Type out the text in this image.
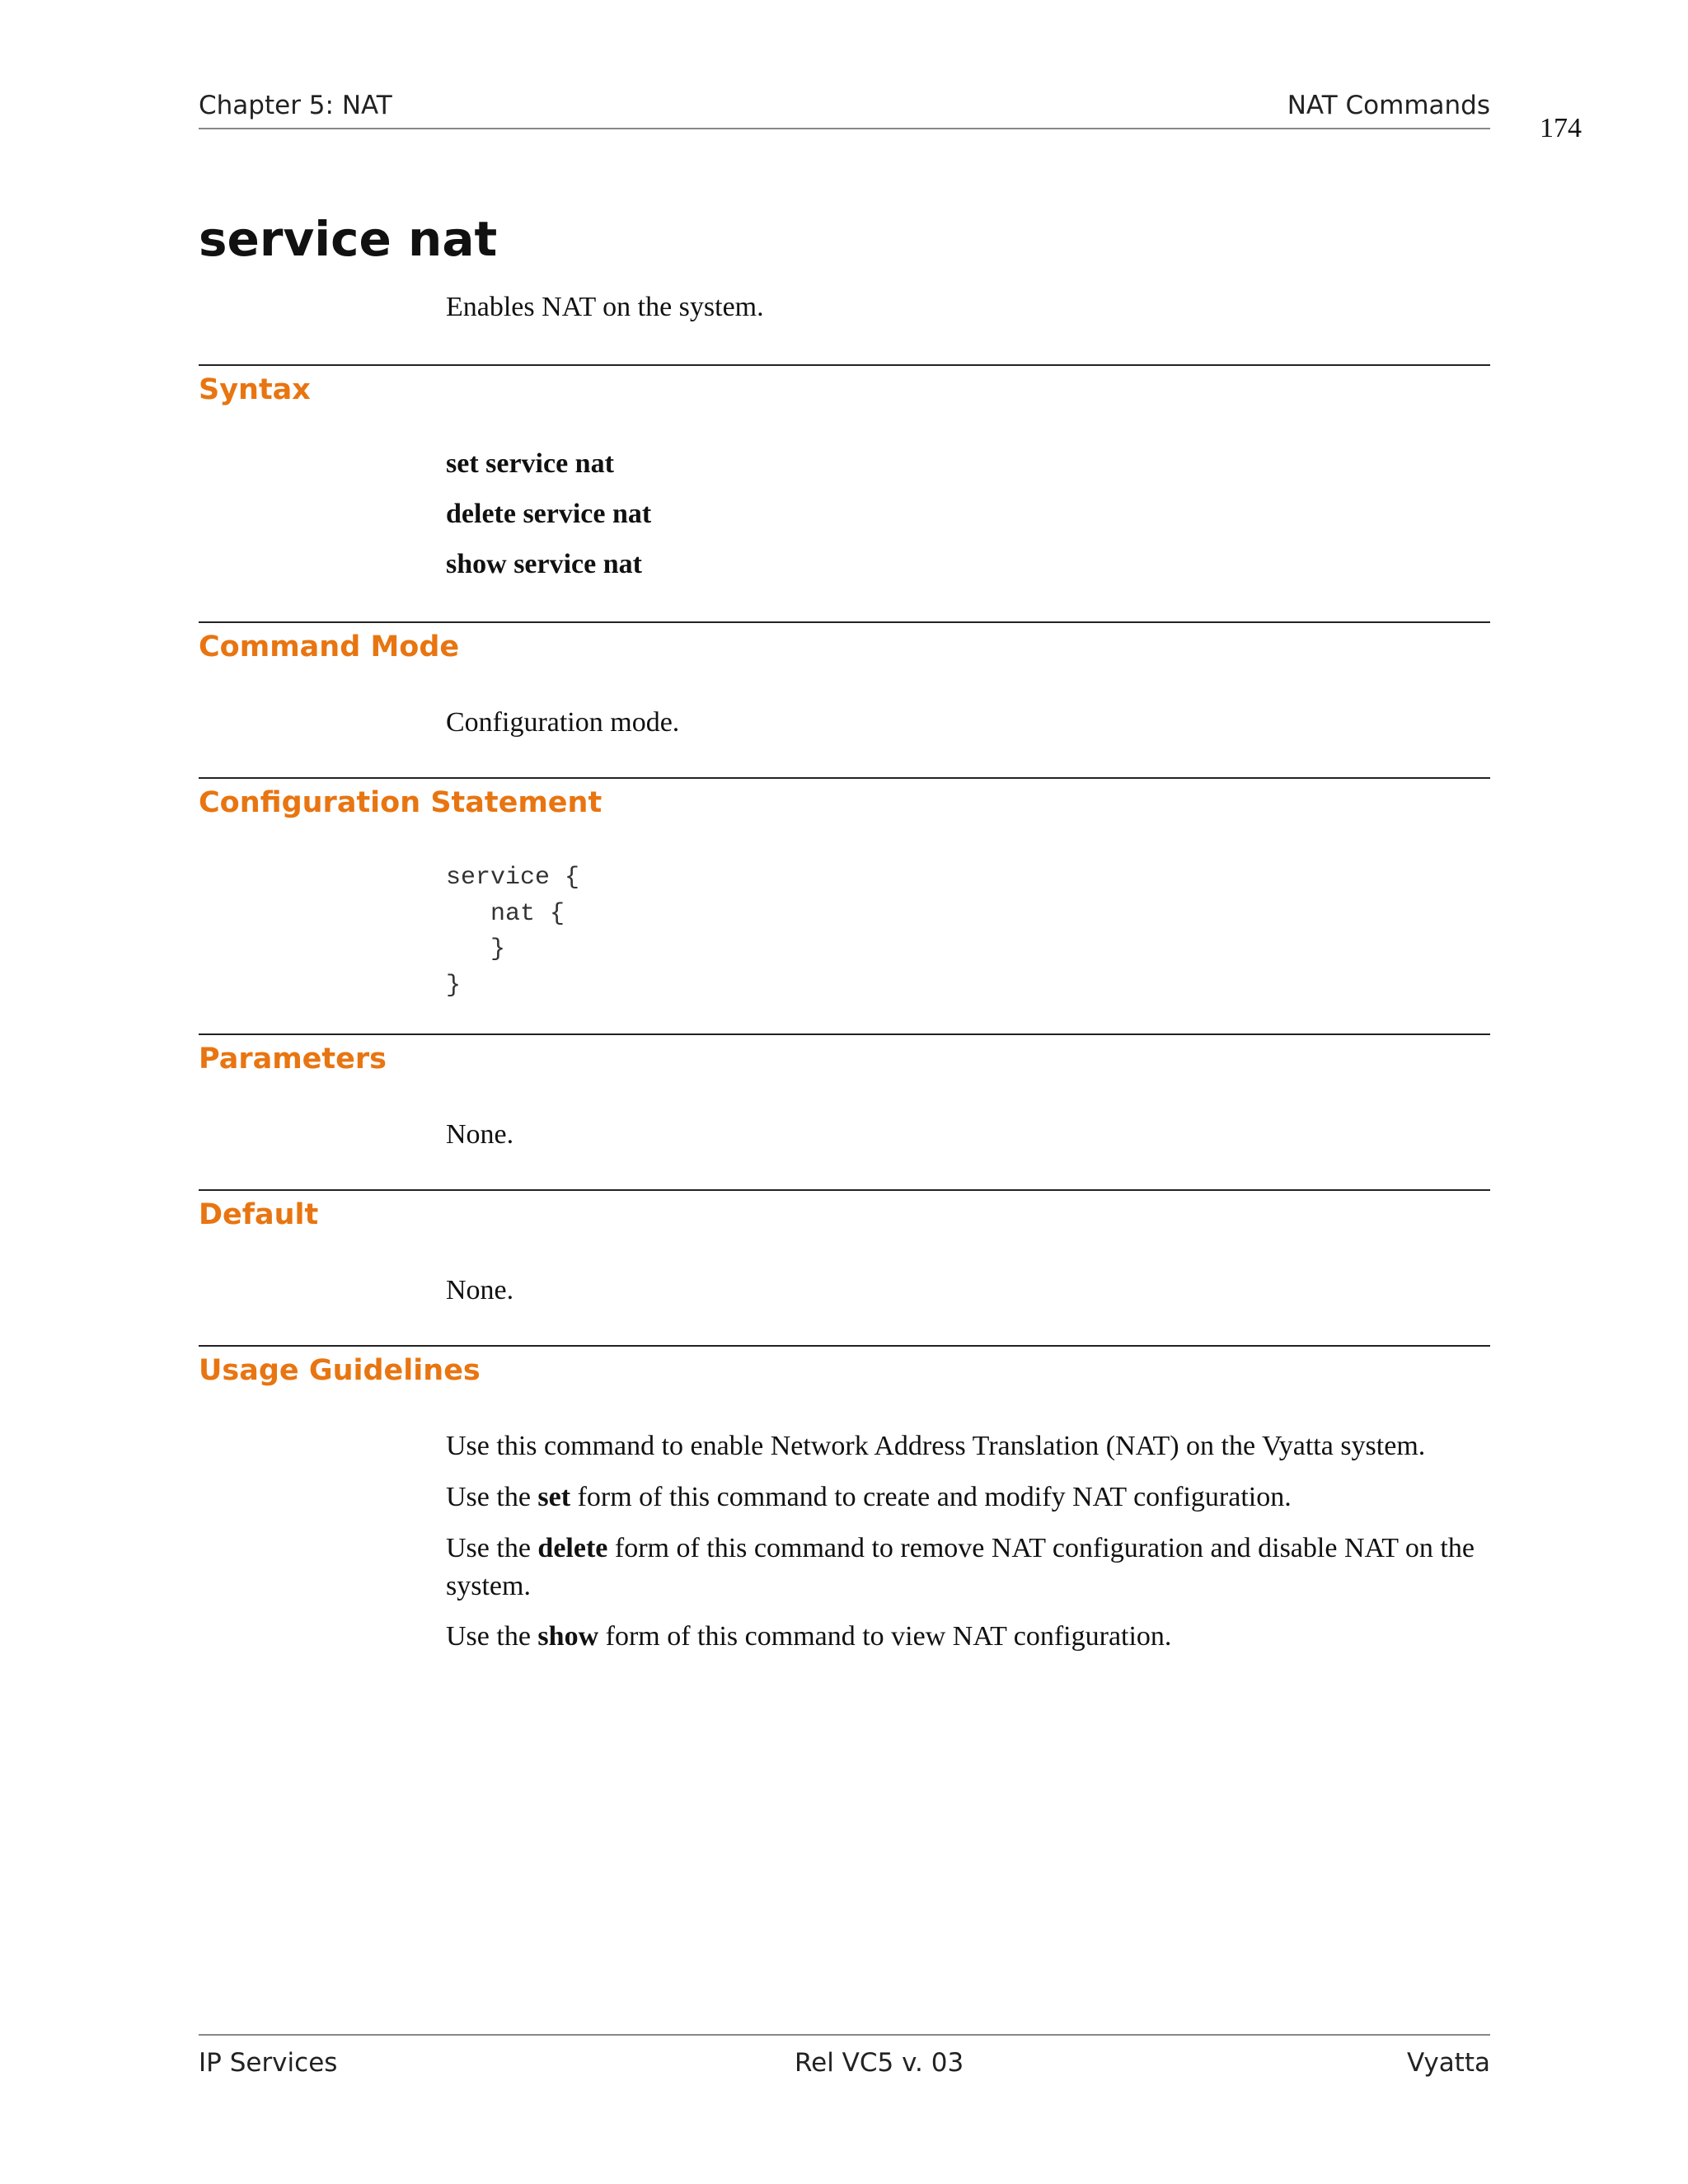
Chapter 5: NAT	NAT Commands
174
service nat
Enables NAT on the system.
Syntax
set service nat
delete service nat
show service nat
Command Mode
Configuration mode.
Configuration Statement
service {
nat {
}
}
Parameters
None.
Default
None.
Usage Guidelines
Use this command to enable Network Address Translation (NAT) on the Vyatta system.
Use the set form of this command to create and modify NAT configuration.
Use the delete form of this command to remove NAT configuration and disable NAT on the system.
Use the show form of this command to view NAT configuration.
IP Services	Rel VC5 v. 03	Vyatta
